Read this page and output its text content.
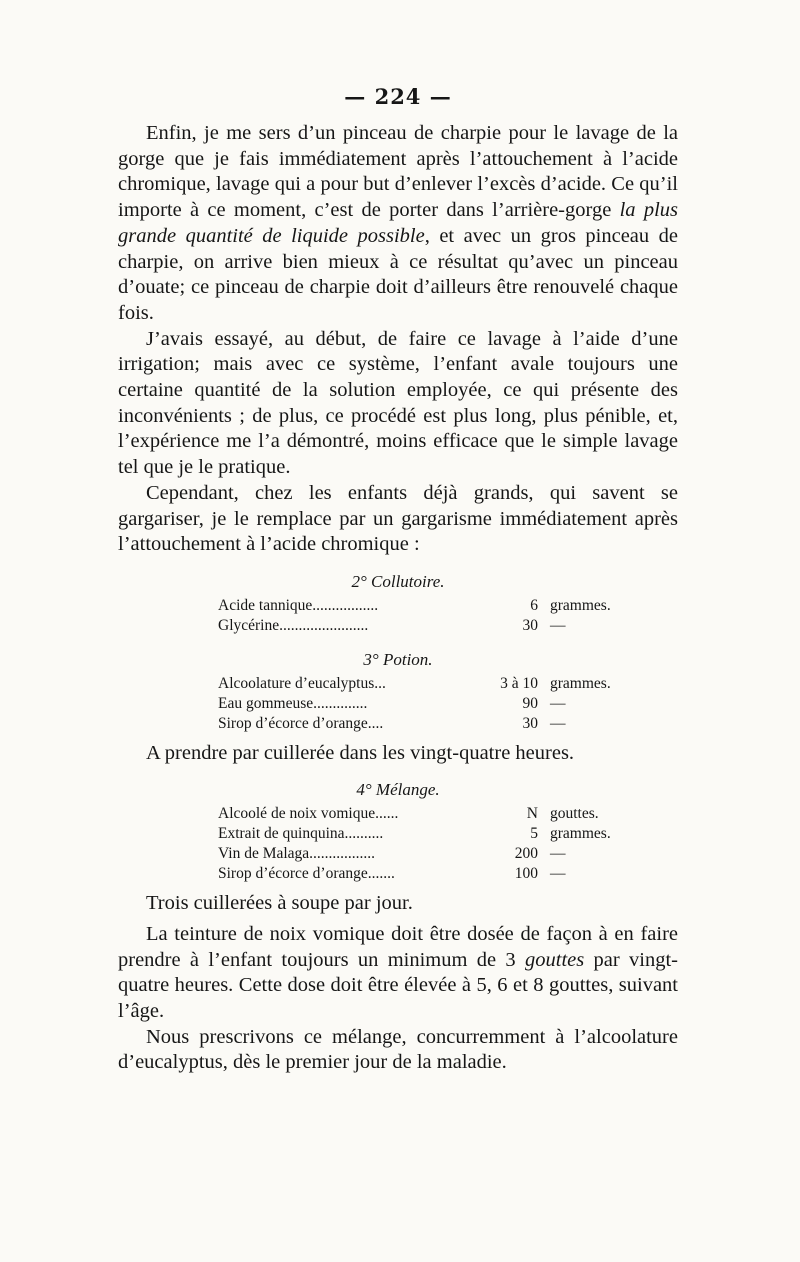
— 224 —

Enfin, je me sers d’un pinceau de charpie pour le lavage de la gorge que je fais immédiatement après l’attouchement à l’acide chromique, lavage qui a pour but d’enlever l’excès d’acide. Ce qu’il importe à ce moment, c’est de porter dans l’arrière-gorge la plus grande quantité de liquide possible, et avec un gros pinceau de charpie, on arrive bien mieux à ce résultat qu’avec un pinceau d’ouate; ce pinceau de charpie doit d’ailleurs être renouvelé chaque fois.

J’avais essayé, au début, de faire ce lavage à l’aide d’une irrigation; mais avec ce système, l’enfant avale toujours une certaine quantité de la solution employée, ce qui présente des inconvénients ; de plus, ce procédé est plus long, plus pénible, et, l’expérience me l’a démontré, moins efficace que le simple lavage tel que je le pratique.

Cependant, chez les enfants déjà grands, qui savent se gargariser, je le remplace par un gargarisme immédiatement après l’attouchement à l’acide chromique :

2° Collutoire.
Acide tannique.................	6	grammes.
Glycérine.......................	30	—
3° Potion.
Alcoolature d’eucalyptus...	3 à 10	grammes.
Eau gommeuse..............	90	—
Sirop d’écorce d’orange....	30	—
A prendre par cuillerée dans les vingt-quatre heures.
4° Mélange.
Alcoolé de noix vomique......	N	gouttes.
Extrait de quinquina..........	5	grammes.
Vin de Malaga.................	200	—
Sirop d’écorce d’orange.......	100	—
Trois cuillerées à soupe par jour.

La teinture de noix vomique doit être dosée de façon à en faire prendre à l’enfant toujours un minimum de 3 gouttes par vingt-quatre heures. Cette dose doit être élevée à 5, 6 et 8 gouttes, suivant l’âge.

Nous prescrivons ce mélange, concurremment à l’alcoolature d’eucalyptus, dès le premier jour de la maladie.
